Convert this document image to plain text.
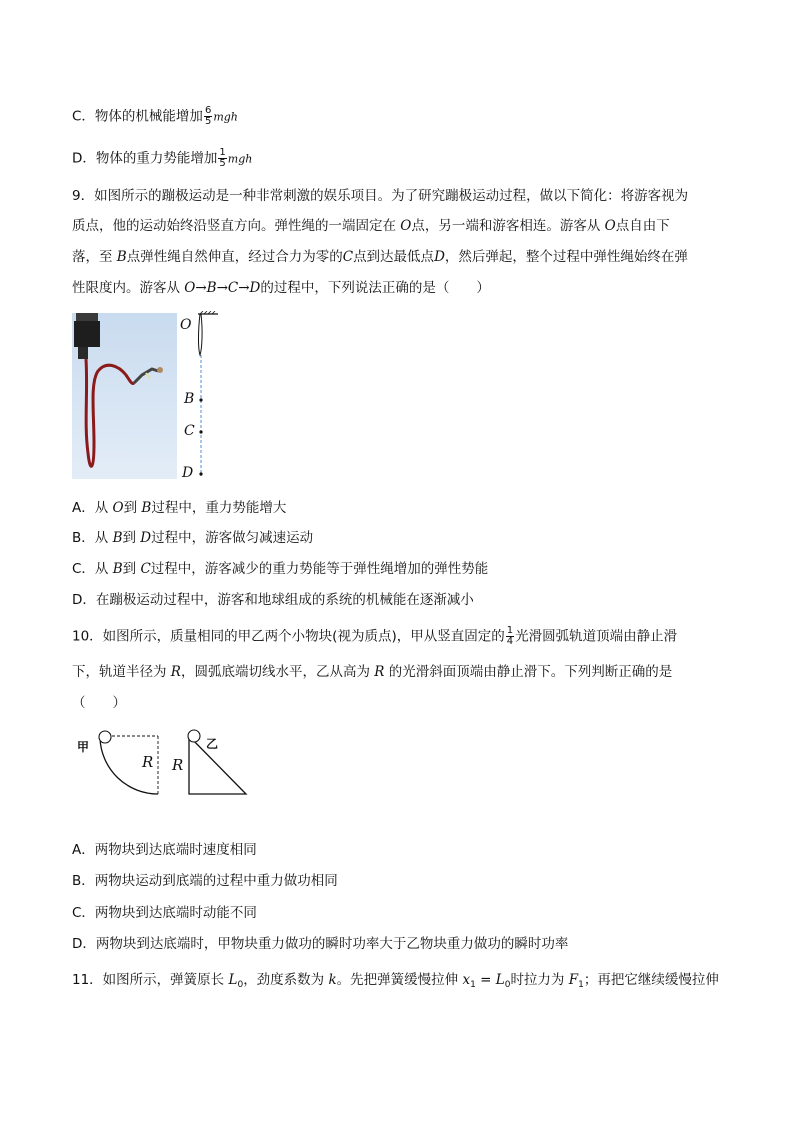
C．物体的机械能增加 $\frac{6}{5}$ mgh
D．物体的重力势能增加 $\frac{1}{5}$ mgh
9．如图所示的蹦极运动是一种非常刺激的娱乐项目。为了研究蹦极运动过程，做以下简化：将游客视为
质点，他的运动始终沿竖直方向。弹性绳的一端固定在 O点，另一端和游客相连。游客从 O点自由下
落，至 B点弹性绳自然伸直，经过合力为零的C点到达最低点D，然后弹起，整个过程中弹性绳始终在弹
性限度内。游客从 O→B→C→D的过程中，下列说法正确的是（　　）
O
B
C
D
A．从 O到 B过程中，重力势能增大
B．从 B到 D过程中，游客做匀减速运动
C．从 B到 C过程中，游客减少的重力势能等于弹性绳增加的弹性势能
D．在蹦极运动过程中，游客和地球组成的系统的机械能在逐渐减小
10．如图所示，质量相同的甲乙两个小物块(视为质点)，甲从竖直固定的 $\frac{1}{4}$ 光滑圆弧轨道顶端由静止滑
下，轨道半径为 R，圆弧底端切线水平，乙从高为 R 的光滑斜面顶端由静止滑下。下列判断正确的是
（　　）
甲	乙
R R
A．两物块到达底端时速度相同
B．两物块运动到底端的过程中重力做功相同
C．两物块到达底端时动能不同
D．两物块到达底端时，甲物块重力做功的瞬时功率大于乙物块重力做功的瞬时功率
11．如图所示，弹簧原长 $L_0$，劲度系数为 k。先把弹簧缓慢拉伸 $x_1 = L_0$时拉力为 $F_1$；再把它继续缓慢拉伸
